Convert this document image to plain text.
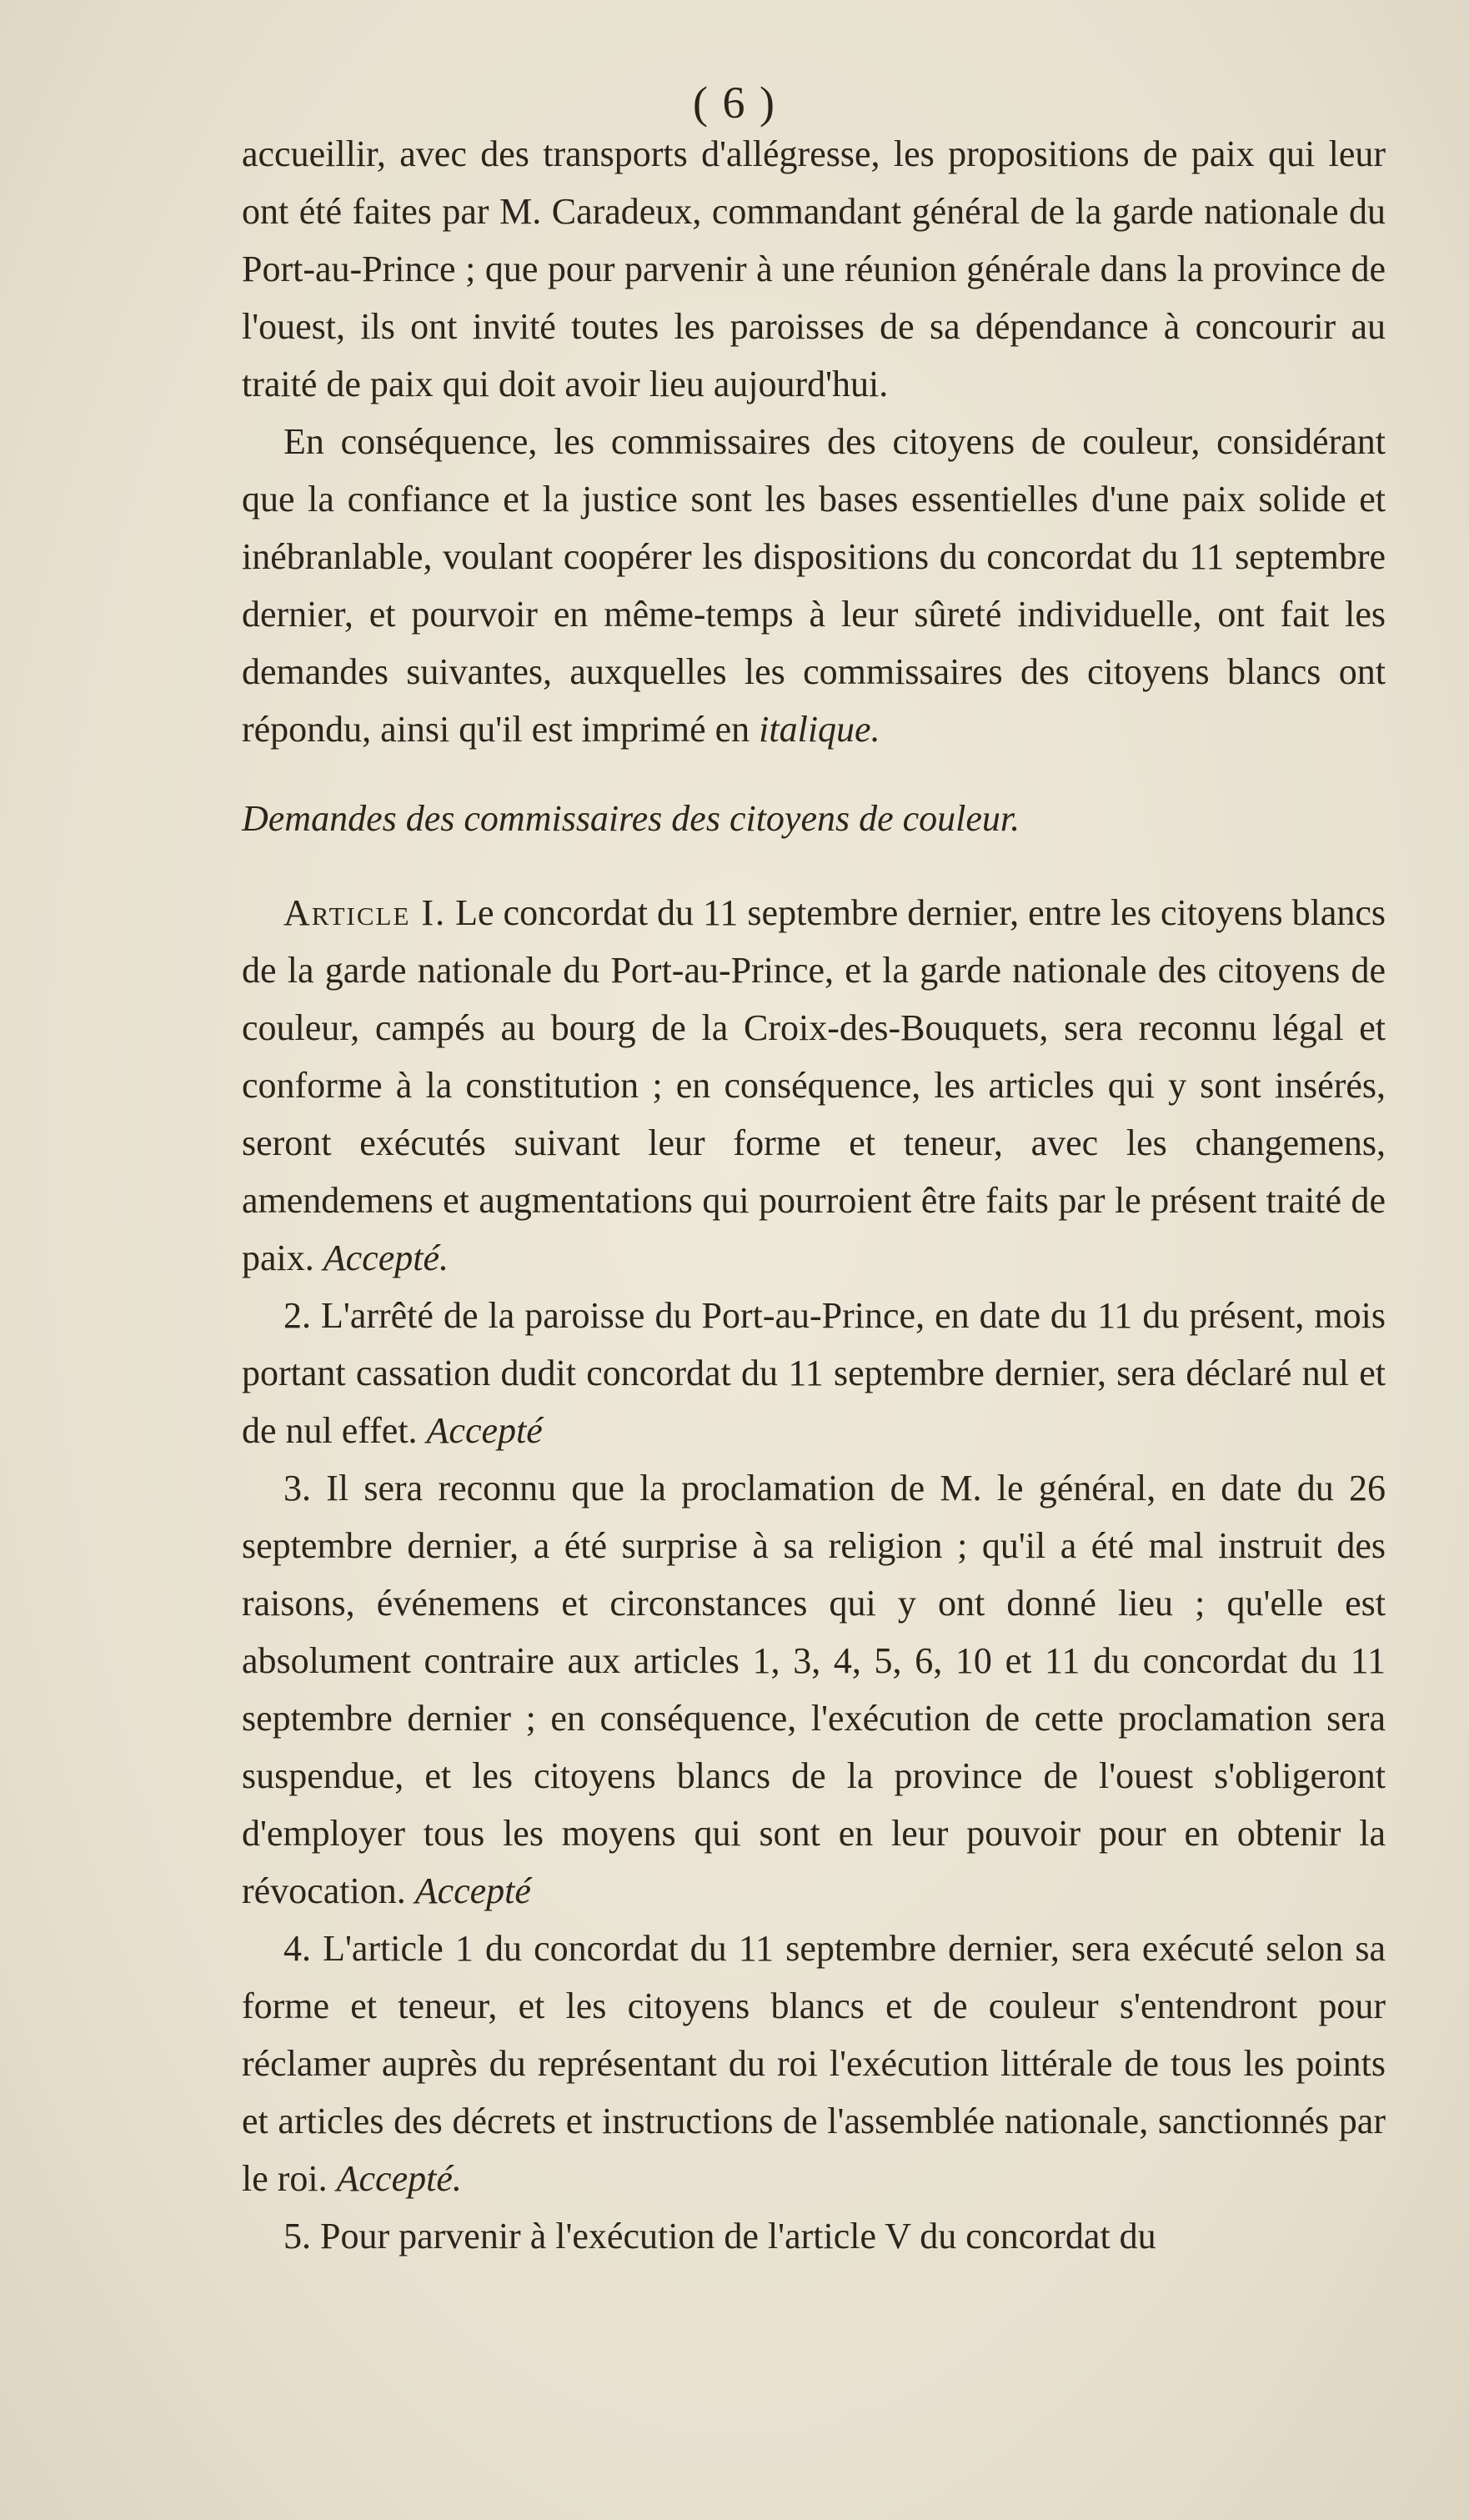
( 6 )

accueillir, avec des transports d'allégresse, les propositions de paix qui leur ont été faites par M. Caradeux, commandant général de la garde nationale du Port-au-Prince ; que pour parvenir à une réunion générale dans la province de l'ouest, ils ont invité toutes les paroisses de sa dépendance à concourir au traité de paix qui doit avoir lieu aujourd'hui.

En conséquence, les commissaires des citoyens de couleur, considérant que la confiance et la justice sont les bases essentielles d'une paix solide et inébranlable, voulant coopérer les dispositions du concordat du 11 septembre dernier, et pourvoir en même-temps à leur sûreté individuelle, ont fait les demandes suivantes, auxquelles les commissaires des citoyens blancs ont répondu, ainsi qu'il est imprimé en italique.

Demandes des commissaires des citoyens de couleur.

Article I. Le concordat du 11 septembre dernier, entre les citoyens blancs de la garde nationale du Port-au-Prince, et la garde nationale des citoyens de couleur, campés au bourg de la Croix-des-Bouquets, sera reconnu légal et conforme à la constitution ; en conséquence, les articles qui y sont insérés, seront exécutés suivant leur forme et teneur, avec les changemens, amendemens et augmentations qui pourroient être faits par le présent traité de paix. Accepté.

2. L'arrêté de la paroisse du Port-au-Prince, en date du 11 du présent, mois portant cassation dudit concordat du 11 septembre dernier, sera déclaré nul et de nul effet. Accepté

3. Il sera reconnu que la proclamation de M. le général, en date du 26 septembre dernier, a été surprise à sa religion ; qu'il a été mal instruit des raisons, événemens et circonstances qui y ont donné lieu ; qu'elle est absolument contraire aux articles 1, 3, 4, 5, 6, 10 et 11 du concordat du 11 septembre dernier ; en conséquence, l'exécution de cette proclamation sera suspendue, et les citoyens blancs de la province de l'ouest s'obligeront d'employer tous les moyens qui sont en leur pouvoir pour en obtenir la révocation. Accepté

4. L'article 1 du concordat du 11 septembre dernier, sera exécuté selon sa forme et teneur, et les citoyens blancs et de couleur s'entendront pour réclamer auprès du représentant du roi l'exécution littérale de tous les points et articles des décrets et instructions de l'assemblée nationale, sanctionnés par le roi. Accepté.

5. Pour parvenir à l'exécution de l'article V du concordat du
